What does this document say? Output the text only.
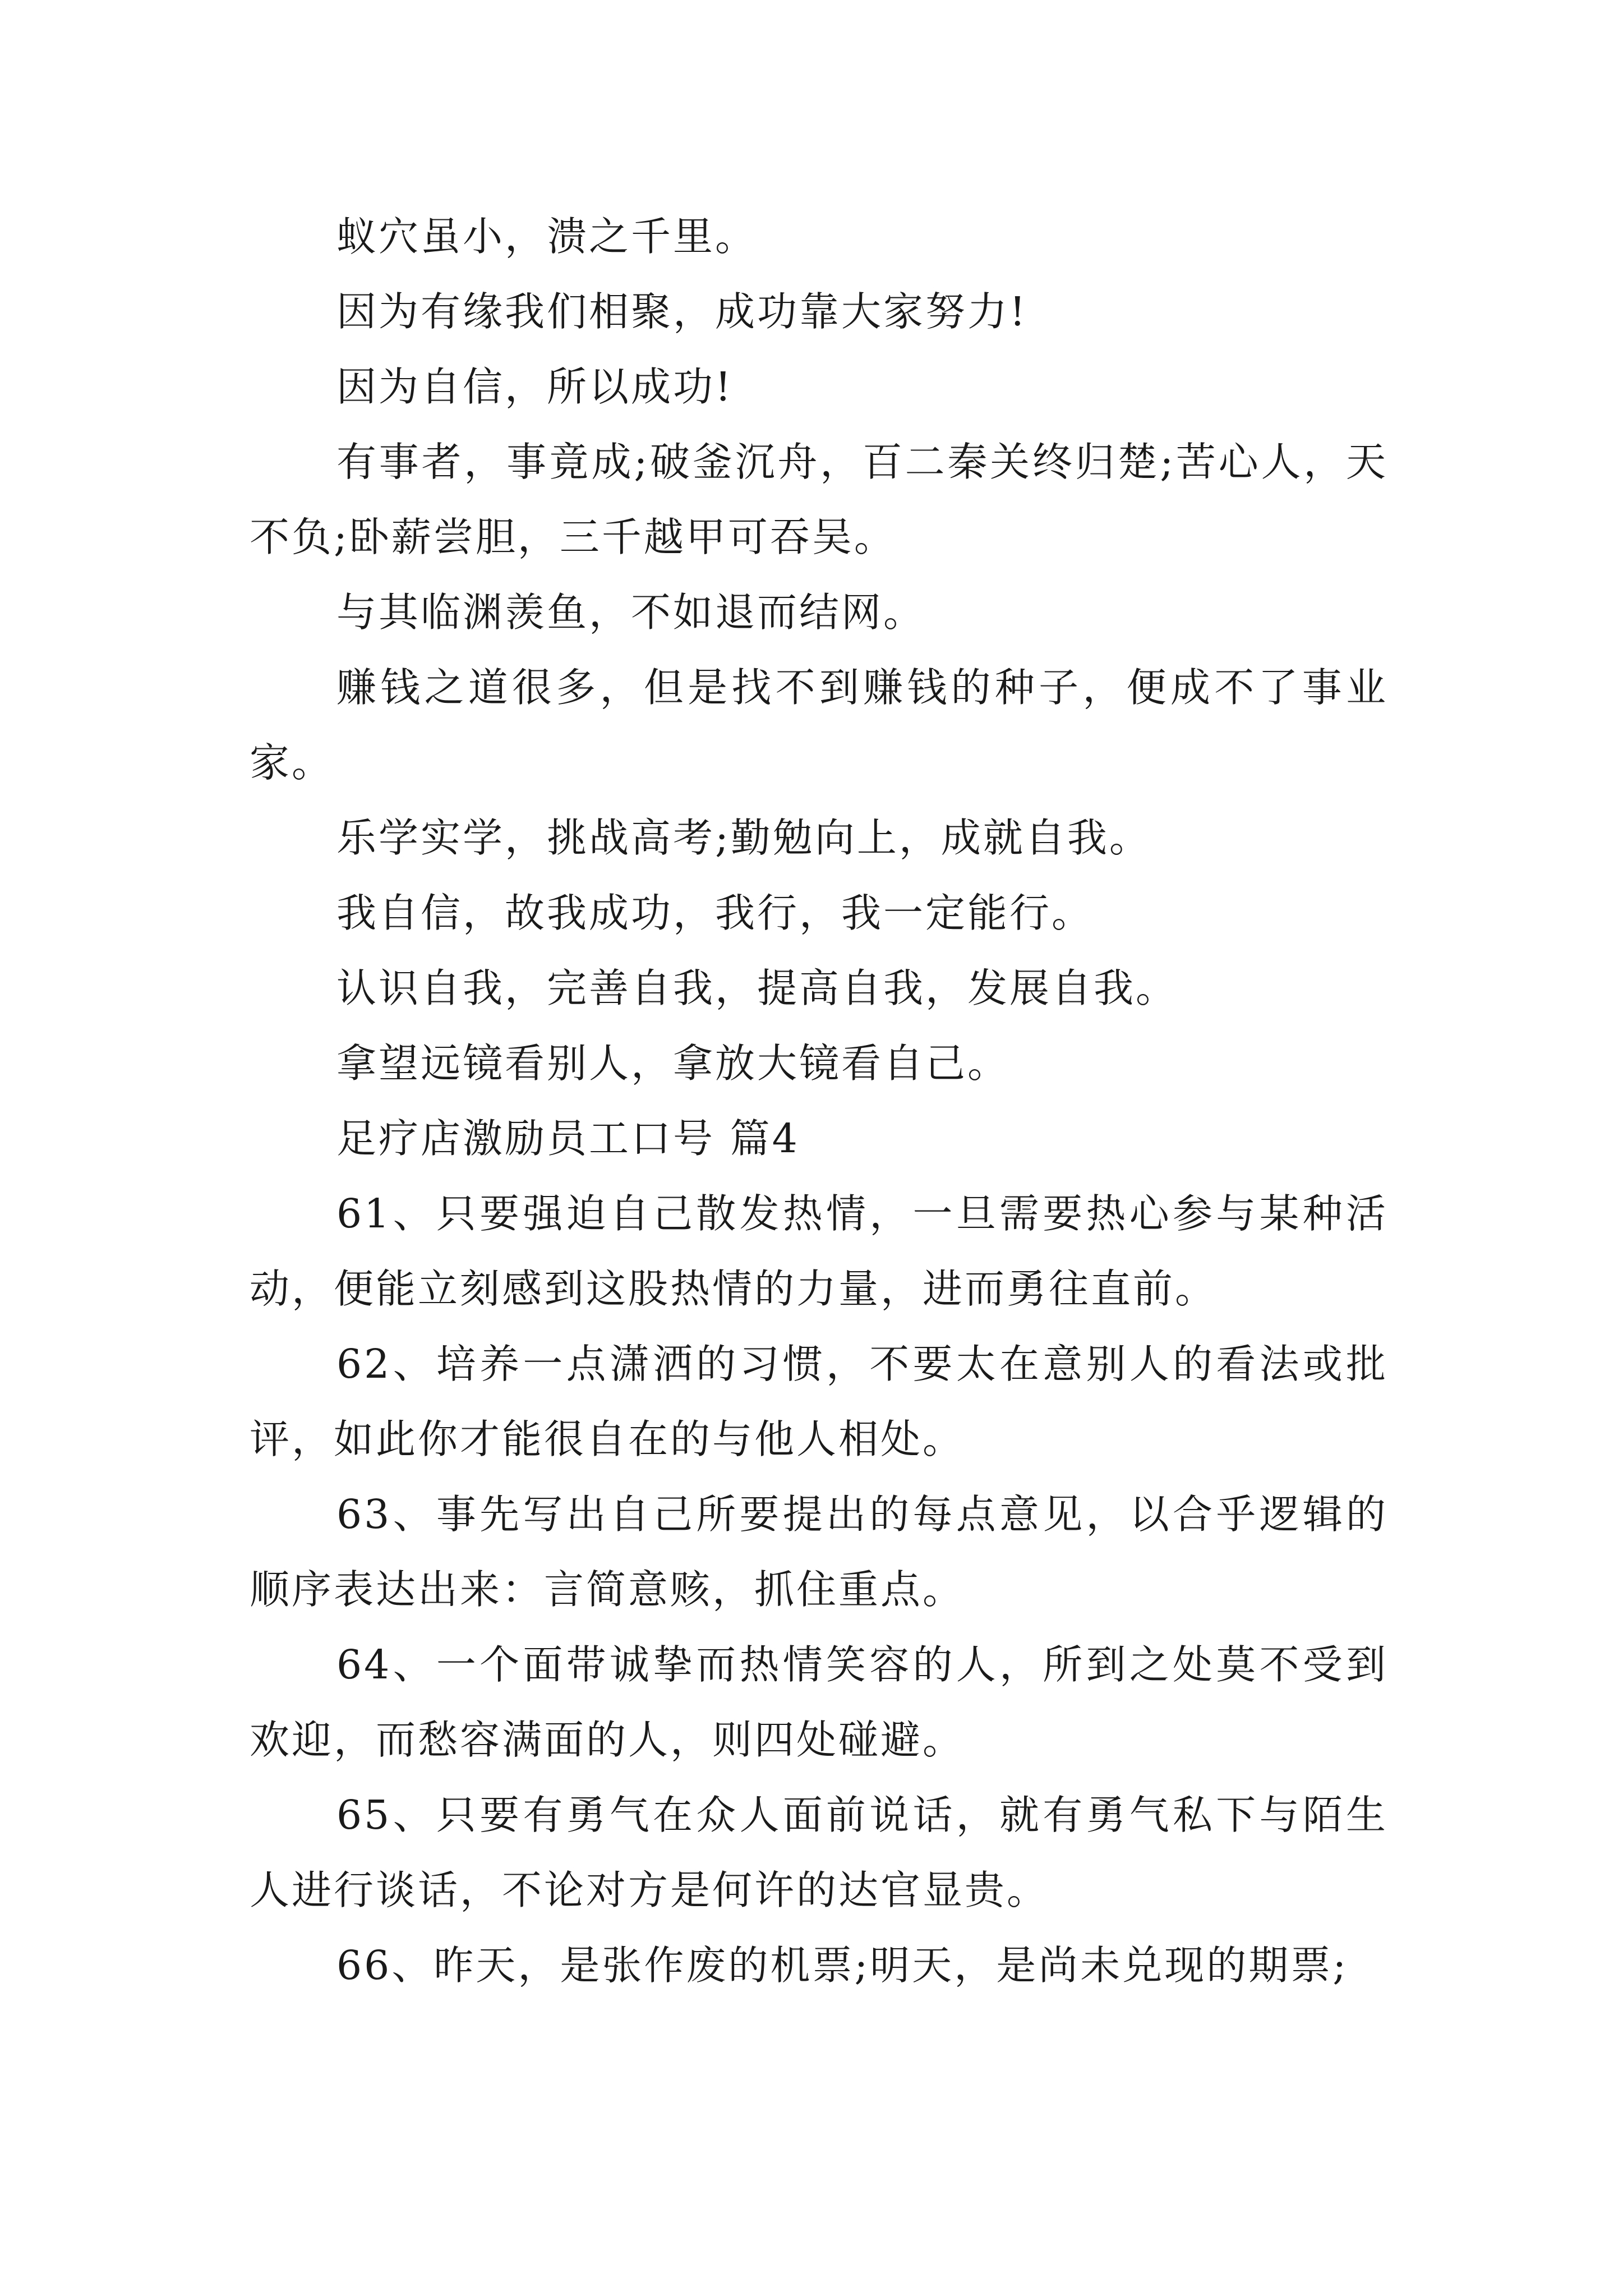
蚁穴虽小，溃之千里。

因为有缘我们相聚，成功靠大家努力!

因为自信，所以成功!

有事者，事竟成;破釜沉舟，百二秦关终归楚;苦心人，天不负;卧薪尝胆，三千越甲可吞吴。

与其临渊羡鱼，不如退而结网。

赚钱之道很多，但是找不到赚钱的种子，便成不了事业家。

乐学实学，挑战高考;勤勉向上，成就自我。

我自信，故我成功，我行，我一定能行。

认识自我，完善自我，提高自我，发展自我。

拿望远镜看别人，拿放大镜看自己。

足疗店激励员工口号 篇4

61、只要强迫自己散发热情，一旦需要热心参与某种活动，便能立刻感到这股热情的力量，进而勇往直前。

62、培养一点潇洒的习惯，不要太在意别人的看法或批评，如此你才能很自在的与他人相处。

63、事先写出自己所要提出的每点意见，以合乎逻辑的顺序表达出来：言简意赅，抓住重点。

64、一个面带诚挚而热情笑容的人，所到之处莫不受到欢迎，而愁容满面的人，则四处碰避。

65、只要有勇气在众人面前说话，就有勇气私下与陌生人进行谈话，不论对方是何许的达官显贵。

66、昨天，是张作废的机票;明天，是尚未兑现的期票;
